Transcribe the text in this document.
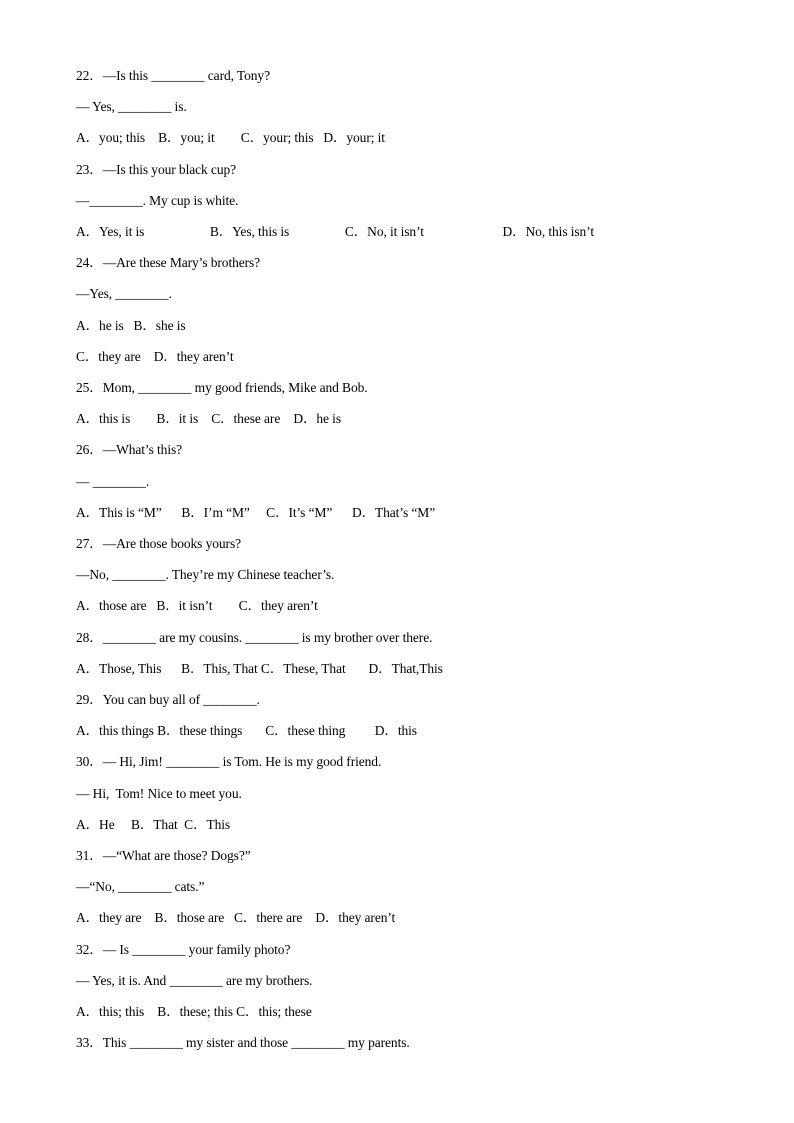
22．—Is this ________ card, Tony?
— Yes, ________ is.
A．you; this    B．you; it        C．your; this   D．your; it
23．—Is this your black cup?
—________. My cup is white.
A．Yes, it is                    B．Yes, this is                 C．No, it isn’t                        D．No, this isn’t
24．—Are these Mary’s brothers?
—Yes, ________.
A．he is   B．she is
C．they are    D．they aren’t
25．Mom, ________ my good friends, Mike and Bob.
A．this is        B．it is    C．these are    D．he is
26．—What’s this?
— ________.
A．This is “M”      B．I’m “M”     C．It’s “M”      D．That’s “M”
27．—Are those books yours?
—No, ________. They’re my Chinese teacher’s.
A．those are   B．it isn’t        C．they aren’t
28．________ are my cousins. ________ is my brother over there.
A．Those, This      B．This, That C．These, That       D．That,This
29．You can buy all of ________.
A．this things B．these things       C．these thing         D．this
30．— Hi, Jim! ________ is Tom. He is my good friend.
— Hi,  Tom! Nice to meet you.
A．He     B．That  C．This
31．—“What are those? Dogs?”
—“No, ________ cats.”
A．they are    B．those are   C．there are    D．they aren’t
32．— Is ________ your family photo?
— Yes, it is. And ________ are my brothers.
A．this; this    B．these; this C．this; these
33．This ________ my sister and those ________ my parents.
